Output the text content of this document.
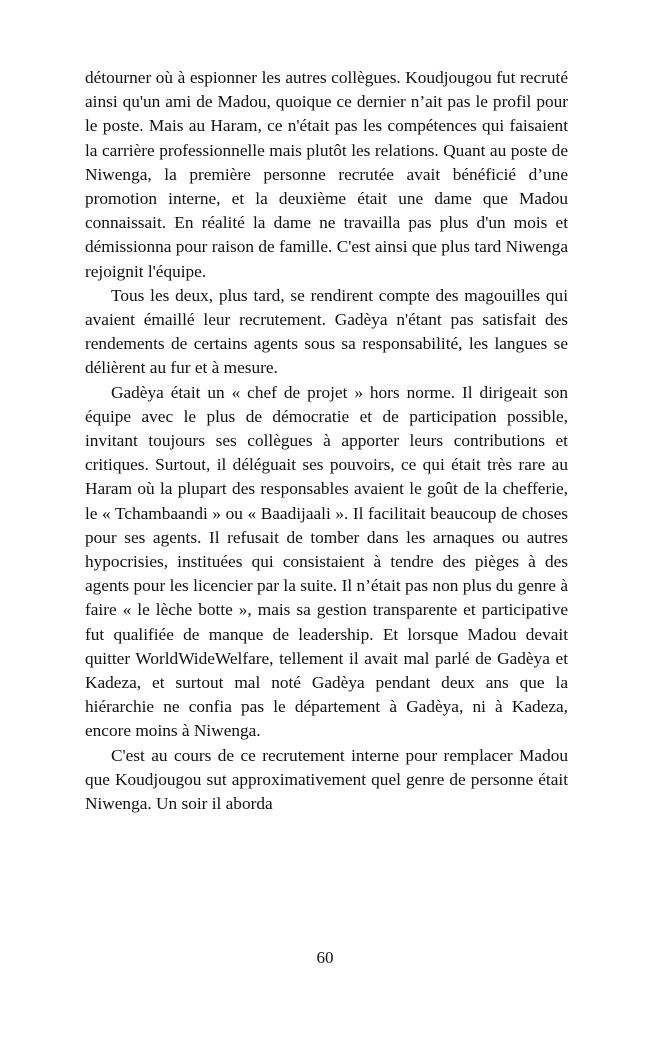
détourner où à espionner les autres collègues. Koudjougou fut recruté ainsi qu'un ami de Madou, quoique ce dernier n’ait pas le profil pour le poste. Mais au Haram, ce n'était pas les compétences qui faisaient la carrière professionnelle mais plutôt les relations. Quant au poste de Niwenga, la première personne recrutée avait bénéficié d’une promotion interne, et la deuxième était une dame que Madou connaissait. En réalité la dame ne travailla pas plus d'un mois et démissionna pour raison de famille. C'est ainsi que plus tard Niwenga rejoignit l'équipe.

Tous les deux, plus tard, se rendirent compte des magouilles qui avaient émaillé leur recrutement. Gadèya n'étant pas satisfait des rendements de certains agents sous sa responsabilité, les langues se délièrent au fur et à mesure.

Gadèya était un « chef de projet » hors norme. Il dirigeait son équipe avec le plus de démocratie et de participation possible, invitant toujours ses collègues à apporter leurs contributions et critiques. Surtout, il déléguait ses pouvoirs, ce qui était très rare au Haram où la plupart des responsables avaient le goût de la chefferie, le « Tchambaandi » ou « Baadijaali ». Il facilitait beaucoup de choses pour ses agents. Il refusait de tomber dans les arnaques ou autres hypocrisies, instituées qui consistaient à tendre des pièges à des agents pour les licencier par la suite. Il n’était pas non plus du genre à faire « le lèche botte », mais sa gestion transparente et participative fut qualifiée de manque de leadership. Et lorsque Madou devait quitter WorldWideWelfare, tellement il avait mal parlé de Gadèya et Kadeza, et surtout mal noté Gadèya pendant deux ans que la hiérarchie ne confia pas le département à Gadèya, ni à Kadeza, encore moins à Niwenga.

C'est au cours de ce recrutement interne pour remplacer Madou que Koudjougou sut approximativement quel genre de personne était Niwenga. Un soir il aborda

60
